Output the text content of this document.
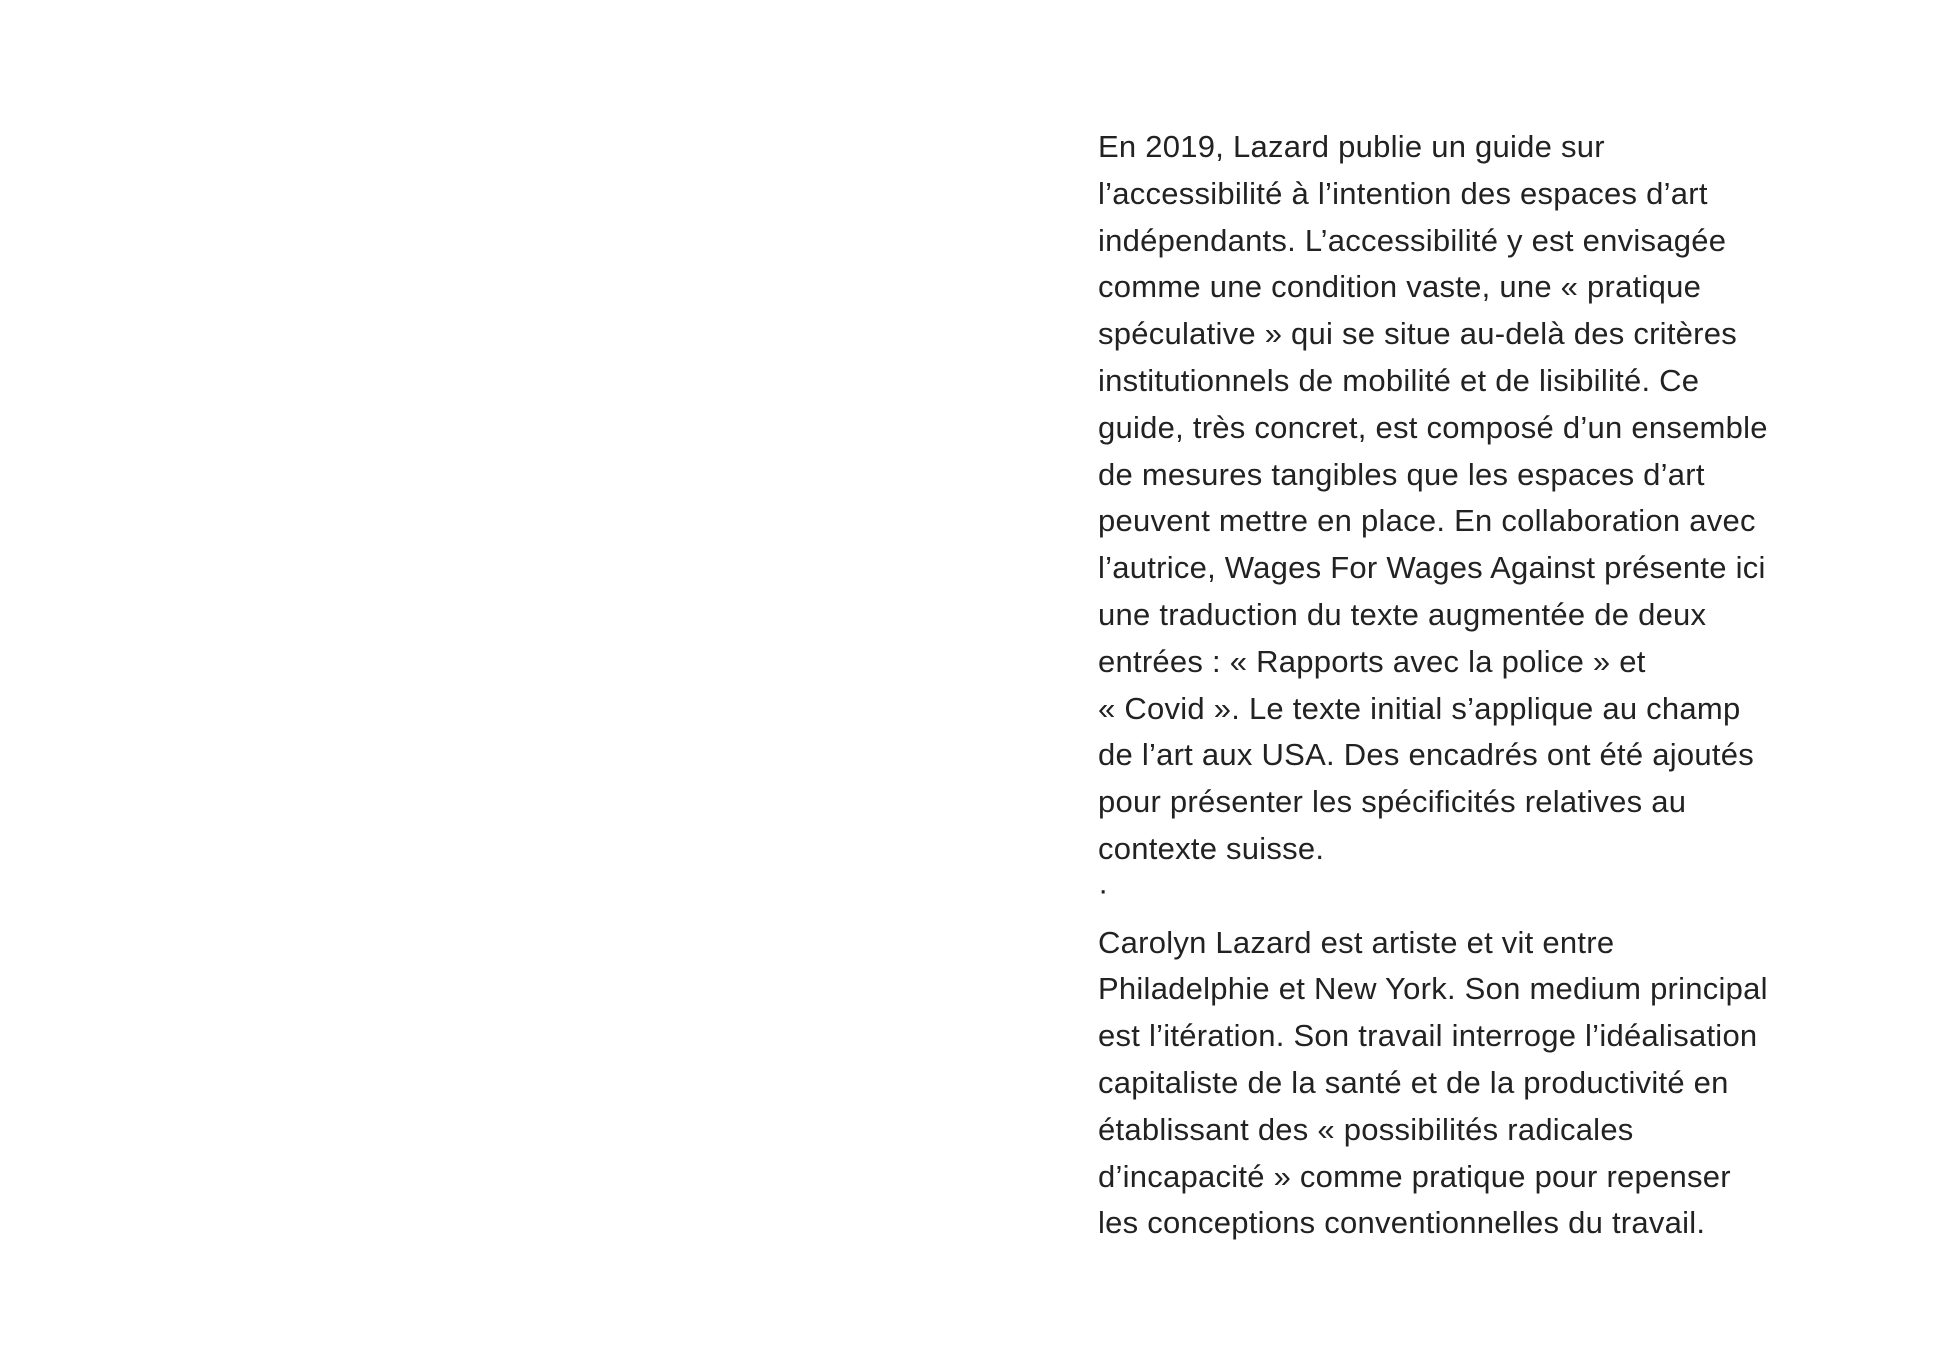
En 2019, Lazard publie un guide sur
l’accessibilité à l’intention des espaces d’art
indépendants. L’accessibilité y est envisagée
comme une condition vaste, une « pratique
spéculative » qui se situe au-delà des critères
institutionnels de mobilité et de lisibilité. Ce
guide, très concret, est composé d’un ensemble
de mesures tangibles que les espaces d’art
peuvent mettre en place. En collaboration avec
l’autrice, Wages For Wages Against présente ici
une traduction du texte augmentée de deux
entrées : « Rapports avec la police » et
« Covid ». Le texte initial s’applique au champ
de l’art aux USA. Des encadrés ont été ajoutés
pour présenter les spécificités relatives au
contexte suisse.

·

Carolyn Lazard est artiste et vit entre
Philadelphie et New York. Son medium principal
est l’itération. Son travail interroge l’idéalisation
capitaliste de la santé et de la productivité en
établissant des « possibilités radicales
d’incapacité » comme pratique pour repenser
les conceptions conventionnelles du travail.
